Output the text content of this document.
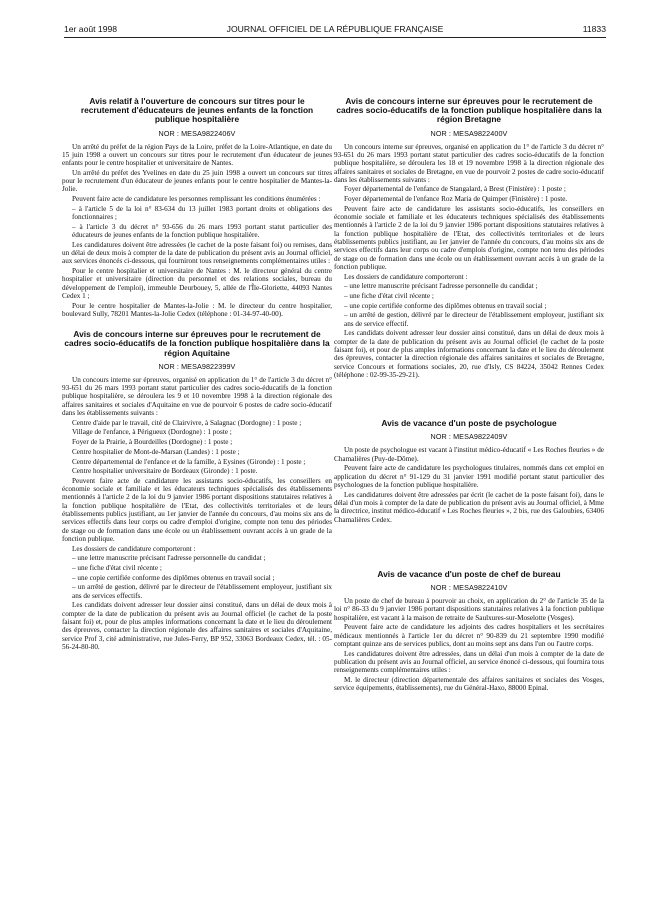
1er août 1998	JOURNAL OFFICIEL DE LA RÉPUBLIQUE FRANÇAISE	11833
Avis relatif à l'ouverture de concours sur titres pour le recrutement d'éducateurs de jeunes enfants de la fonction publique hospitalière
NOR : MESA9822406V

Un arrêté du préfet de la région Pays de la Loire, préfet de la Loire-Atlantique, en date du 15 juin 1998 a ouvert un concours sur titres pour le recrutement d'un éducateur de jeunes enfants pour le centre hospitalier et universitaire de Nantes.

Un arrêté du préfet des Yvelines en date du 25 juin 1998 a ouvert un concours sur titres pour le recrutement d'un éducateur de jeunes enfants pour le centre hospitalier de Mantes-la-Jolie.

Peuvent faire acte de candidature les personnes remplissant les conditions énumérées :

– à l'article 5 de la loi n° 83-634 du 13 juillet 1983 portant droits et obligations des fonctionnaires ;

– à l'article 3 du décret n° 93-656 du 26 mars 1993 portant statut particulier des éducateurs de jeunes enfants de la fonction publique hospitalière.

Les candidatures doivent être adressées (le cachet de la poste faisant foi) ou remises, dans un délai de deux mois à compter de la date de publication du présent avis au Journal officiel, aux services énoncés ci-dessous, qui fourniront tous renseignements complémentaires utiles :

Pour le centre hospitalier et universitaire de Nantes : M. le directeur général du centre hospitalier et universitaire (direction du personnel et des relations sociales, bureau du développement de l'emploi), immeuble Deurbouey, 5, allée de l'Île-Gloriette, 44093 Nantes Cedex 1 ;

Pour le centre hospitalier de Mantes-la-Jolie : M. le directeur du centre hospitalier, boulevard Sully, 78201 Mantes-la-Jolie Cedex (téléphone : 01-34-97-40-00).

Avis de concours interne sur épreuves pour le recrutement de cadres socio-éducatifs de la fonction publique hospitalière dans la région Aquitaine
NOR : MESA9822399V

Un concours interne sur épreuves, organisé en application du 1° de l'article 3 du décret n° 93-651 du 26 mars 1993 portant statut particulier des cadres socio-éducatifs de la fonction publique hospitalière, se déroulera les 9 et 10 novembre 1998 à la direction régionale des affaires sanitaires et sociales d'Aquitaine en vue de pourvoir 6 postes de cadre socio-éducatif dans les établissements suivants :

Centre d'aide par le travail, cité de Clairvivre, à Salagnac (Dordogne) : 1 poste ;

Village de l'enfance, à Périgueux (Dordogne) : 1 poste ;

Foyer de la Prairie, à Bourdeilles (Dordogne) : 1 poste ;

Centre hospitalier de Mont-de-Marsan (Landes) : 1 poste ;

Centre départemental de l'enfance et de la famille, à Eysines (Gironde) : 1 poste ;

Centre hospitalier universitaire de Bordeaux (Gironde) : 1 poste.

Peuvent faire acte de candidature les assistants socio-éducatifs, les conseillers en économie sociale et familiale et les éducateurs techniques spécialisés des établissements mentionnés à l'article 2 de la loi du 9 janvier 1986 portant dispositions statutaires relatives à la fonction publique hospitalière de l'Etat, des collectivités territoriales et de leurs établissements publics justifiant, au 1er janvier de l'année du concours, d'au moins six ans de services effectifs dans leur corps ou cadre d'emploi d'origine, compte non tenu des périodes de stage ou de formation dans une école ou un établissement ouvrant accès à un grade de la fonction publique.

Les dossiers de candidature comporteront :

– une lettre manuscrite précisant l'adresse personnelle du candidat ;

– une fiche d'état civil récente ;

– une copie certifiée conforme des diplômes obtenus en travail social ;

– un arrêté de gestion, délivré par le directeur de l'établissement employeur, justifiant six ans de services effectifs.

Les candidats doivent adresser leur dossier ainsi constitué, dans un délai de deux mois à compter de la date de publication du présent avis au Journal officiel (le cachet de la poste faisant foi) et, pour de plus amples informations concernant la date et le lieu du déroulement des épreuves, contacter la direction régionale des affaires sanitaires et sociales d'Aquitaine, service Prof 3, cité administrative, rue Jules-Ferry, BP 952, 33063 Bordeaux Cedex, tél. : 05-56-24-80-80.

Avis de concours interne sur épreuves pour le recrutement de cadres socio-éducatifs de la fonction publique hospitalière dans la région Bretagne
NOR : MESA9822400V

Un concours interne sur épreuves, organisé en application du 1° de l'article 3 du décret n° 93-651 du 26 mars 1993 portant statut particulier des cadres socio-éducatifs de la fonction publique hospitalière, se déroulera les 18 et 19 novembre 1998 à la direction régionale des affaires sanitaires et sociales de Bretagne, en vue de pourvoir 2 postes de cadre socio-éducatif dans les établissements suivants :

Foyer départemental de l'enfance de Stangalard, à Brest (Finistère) : 1 poste ;

Foyer départemental de l'enfance Roz Maria de Quimper (Finistère) : 1 poste.

Peuvent faire acte de candidature les assistants socio-éducatifs, les conseillers en économie sociale et familiale et les éducateurs techniques spécialisés des établissements mentionnés à l'article 2 de la loi du 9 janvier 1986 portant dispositions statutaires relatives à la fonction publique hospitalière de l'Etat, des collectivités territoriales et de leurs établissements publics justifiant, au 1er janvier de l'année du concours, d'au moins six ans de services effectifs dans leur corps ou cadre d'emplois d'origine, compte non tenu des périodes de stage ou de formation dans une école ou un établissement ouvrant accès à un grade de la fonction publique.

Les dossiers de candidature comporteront :

– une lettre manuscrite précisant l'adresse personnelle du candidat ;

– une fiche d'état civil récente ;

– une copie certifiée conforme des diplômes obtenus en travail social ;

– un arrêté de gestion, délivré par le directeur de l'établissement employeur, justifiant six ans de service effectif.

Les candidats doivent adresser leur dossier ainsi constitué, dans un délai de deux mois à compter de la date de publication du présent avis au Journal officiel (le cachet de la poste faisant foi), et pour de plus amples informations concernant la date et le lieu du déroulement des épreuves, contacter la direction régionale des affaires sanitaires et sociales de Bretagne, service Concours et formations sociales, 20, rue d'Isly, CS 84224, 35042 Rennes Cedex (téléphone : 02-99-35-29-21).

Avis de vacance d'un poste de psychologue
NOR : MESA9822409V

Un poste de psychologue est vacant à l'institut médico-éducatif « Les Roches fleuries » de Chamalières (Puy-de-Dôme).

Peuvent faire acte de candidature les psychologues titulaires, nommés dans cet emploi en application du décret n° 91-129 du 31 janvier 1991 modifié portant statut particulier des psychologues de la fonction publique hospitalière.

Les candidatures doivent être adressées par écrit (le cachet de la poste faisant foi), dans le délai d'un mois à compter de la date de publication du présent avis au Journal officiel, à Mme la directrice, institut médico-éducatif « Les Roches fleuries », 2 bis, rue des Galoubies, 63406 Chamalières Cedex.

Avis de vacance d'un poste de chef de bureau
NOR : MESA9822410V

Un poste de chef de bureau à pourvoir au choix, en application du 2° de l'article 35 de la loi n° 86-33 du 9 janvier 1986 portant dispositions statutaires relatives à la fonction publique hospitalière, est vacant à la maison de retraite de Saulxures-sur-Moselotte (Vosges).

Peuvent faire acte de candidature les adjoints des cadres hospitaliers et les secrétaires médicaux mentionnés à l'article 1er du décret n° 90-839 du 21 septembre 1990 modifié comptant quinze ans de services publics, dont au moins sept ans dans l'un ou l'autre corps.

Les candidatures doivent être adressées, dans un délai d'un mois à compter de la date de publication du présent avis au Journal officiel, au service énoncé ci-dessous, qui fournira tous renseignements complémentaires utiles :

M. le directeur (direction départementale des affaires sanitaires et sociales des Vosges, service équipements, établissements), rue du Général-Haxo, 88000 Epinal.
